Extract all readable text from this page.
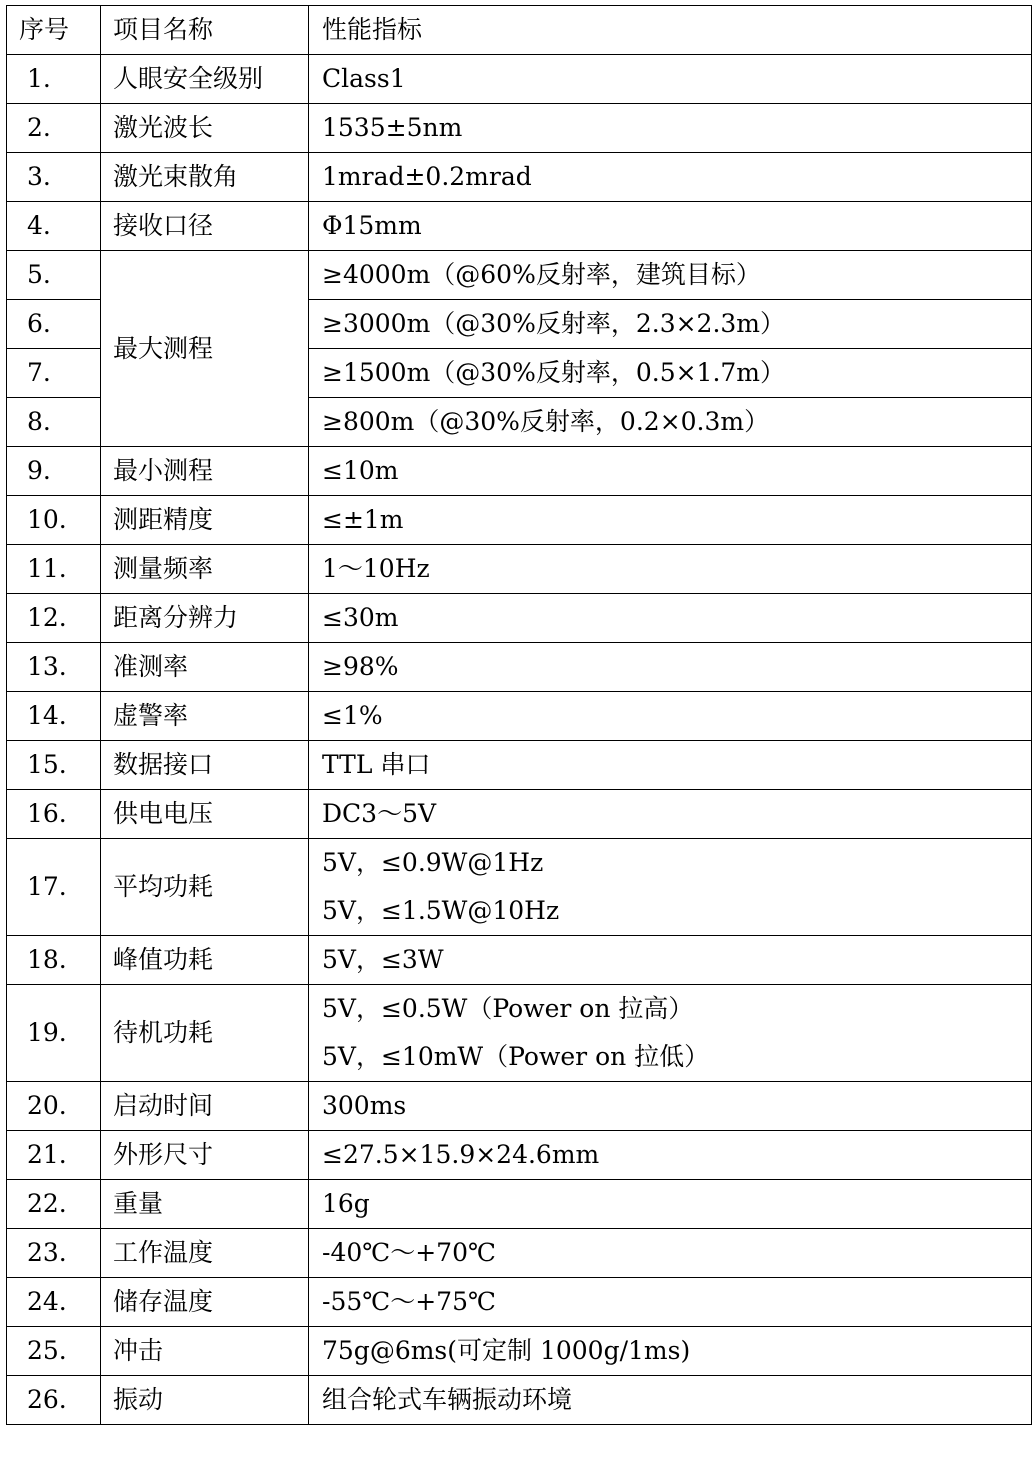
序号	项目名称	性能指标
1.	人眼安全级别	Class1
2.	激光波长	1535±5nm
3.	激光束散角	1mrad±0.2mrad
4.	接收口径	Φ15mm
5.	最大测程	≥4000m（@60%反射率，建筑目标）
6.		≥3000m（@30%反射率，2.3×2.3m）
7.		≥1500m（@30%反射率，0.5×1.7m）
8.		≥800m（@30%反射率，0.2×0.3m）
9.	最小测程	≤10m
10.	测距精度	≤±1m
11.	测量频率	1～10Hz
12.	距离分辨力	≤30m
13.	准测率	≥98%
14.	虚警率	≤1%
15.	数据接口	TTL 串口
16.	供电电压	DC3～5V
17.	平均功耗	5V，≤0.9W@1Hz
5V，≤1.5W@10Hz

18.	峰值功耗	5V，≤3W
19.	待机功耗	5V，≤0.5W（Power on 拉高）
5V，≤10mW（Power on 拉低）

20.	启动时间	300ms
21.	外形尺寸	≤27.5×15.9×24.6mm
22.	重量	16g
23.	工作温度	-40℃～+70℃
24.	储存温度	-55℃～+75℃
25.	冲击	75g@6ms(可定制 1000g/1ms)
26.	振动	组合轮式车辆振动环境
